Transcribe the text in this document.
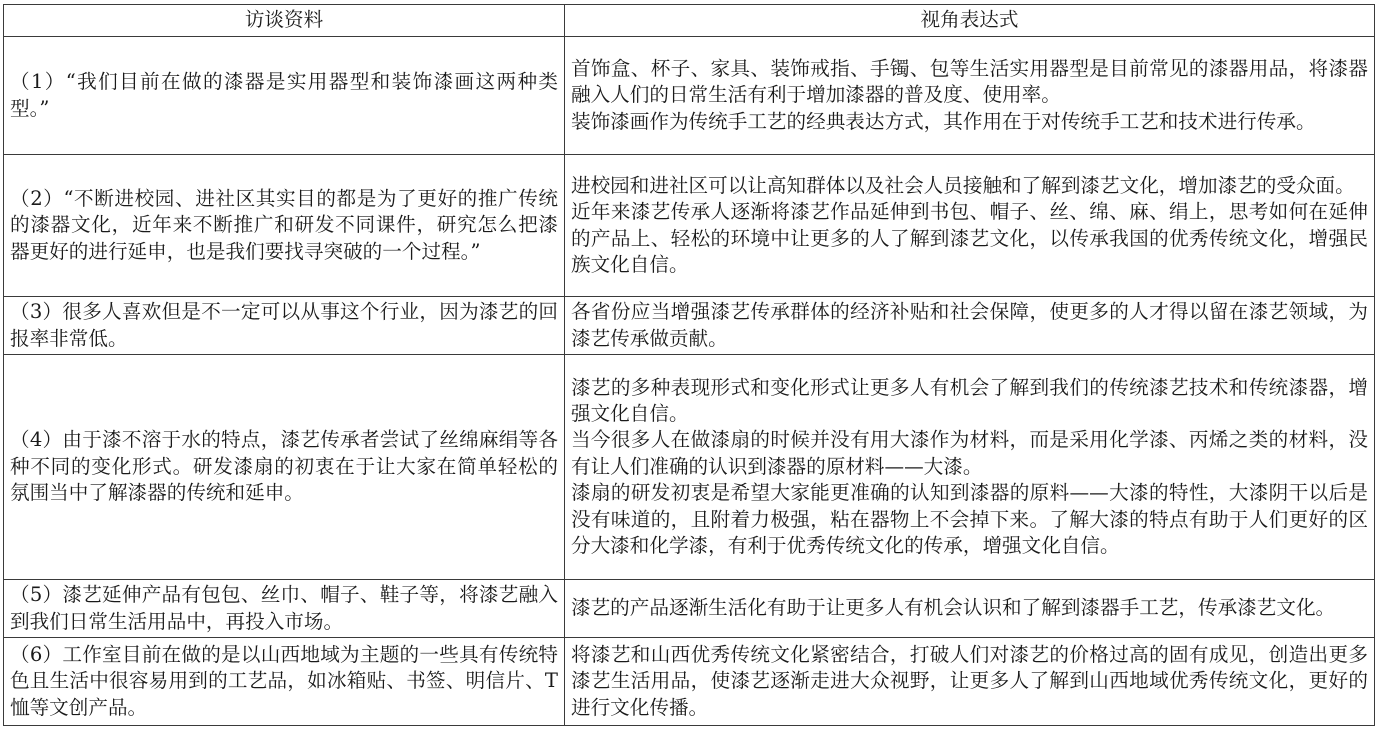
访谈资料	视角表达式

（1）“我们目前在做的漆器是实用器型和装饰漆画这两种类型。”	首饰盒、杯子、家具、装饰戒指、手镯、包等生活实用器型是目前常见的漆器用品，将漆器融入人们的日常生活有利于增加漆器的普及度、使用率。
装饰漆画作为传统手工艺的经典表达方式，其作用在于对传统手工艺和技术进行传承。

（2）“不断进校园、进社区其实目的都是为了更好的推广传统的漆器文化，近年来不断推广和研发不同课件，研究怎么把漆器更好的进行延申，也是我们要找寻突破的一个过程。”	进校园和进社区可以让高知群体以及社会人员接触和了解到漆艺文化，增加漆艺的受众面。
近年来漆艺传承人逐渐将漆艺作品延伸到书包、帽子、丝、绵、麻、绢上，思考如何在延伸的产品上、轻松的环境中让更多的人了解到漆艺文化，以传承我国的优秀传统文化，增强民族文化自信。

（3）很多人喜欢但是不一定可以从事这个行业，因为漆艺的回报率非常低。	各省份应当增强漆艺传承群体的经济补贴和社会保障，使更多的人才得以留在漆艺领域，为漆艺传承做贡献。

（4）由于漆不溶于水的特点，漆艺传承者尝试了丝绵麻绢等各种不同的变化形式。研发漆扇的初衷在于让大家在简单轻松的氛围当中了解漆器的传统和延申。	漆艺的多种表现形式和变化形式让更多人有机会了解到我们的传统漆艺技术和传统漆器，增强文化自信。
当今很多人在做漆扇的时候并没有用大漆作为材料，而是采用化学漆、丙烯之类的材料，没有让人们准确的认识到漆器的原材料——大漆。
漆扇的研发初衷是希望大家能更准确的认知到漆器的原料——大漆的特性，大漆阴干以后是没有味道的，且附着力极强，粘在器物上不会掉下来。了解大漆的特点有助于人们更好的区分大漆和化学漆，有利于优秀传统文化的传承，增强文化自信。

（5）漆艺延伸产品有包包、丝巾、帽子、鞋子等，将漆艺融入到我们日常生活用品中，再投入市场。	漆艺的产品逐渐生活化有助于让更多人有机会认识和了解到漆器手工艺，传承漆艺文化。

（6）工作室目前在做的是以山西地域为主题的一些具有传统特色且生活中很容易用到的工艺品，如冰箱贴、书签、明信片、T恤等文创产品。	将漆艺和山西优秀传统文化紧密结合，打破人们对漆艺的价格过高的固有成见，创造出更多漆艺生活用品，使漆艺逐渐走进大众视野，让更多人了解到山西地域优秀传统文化，更好的进行文化传播。
